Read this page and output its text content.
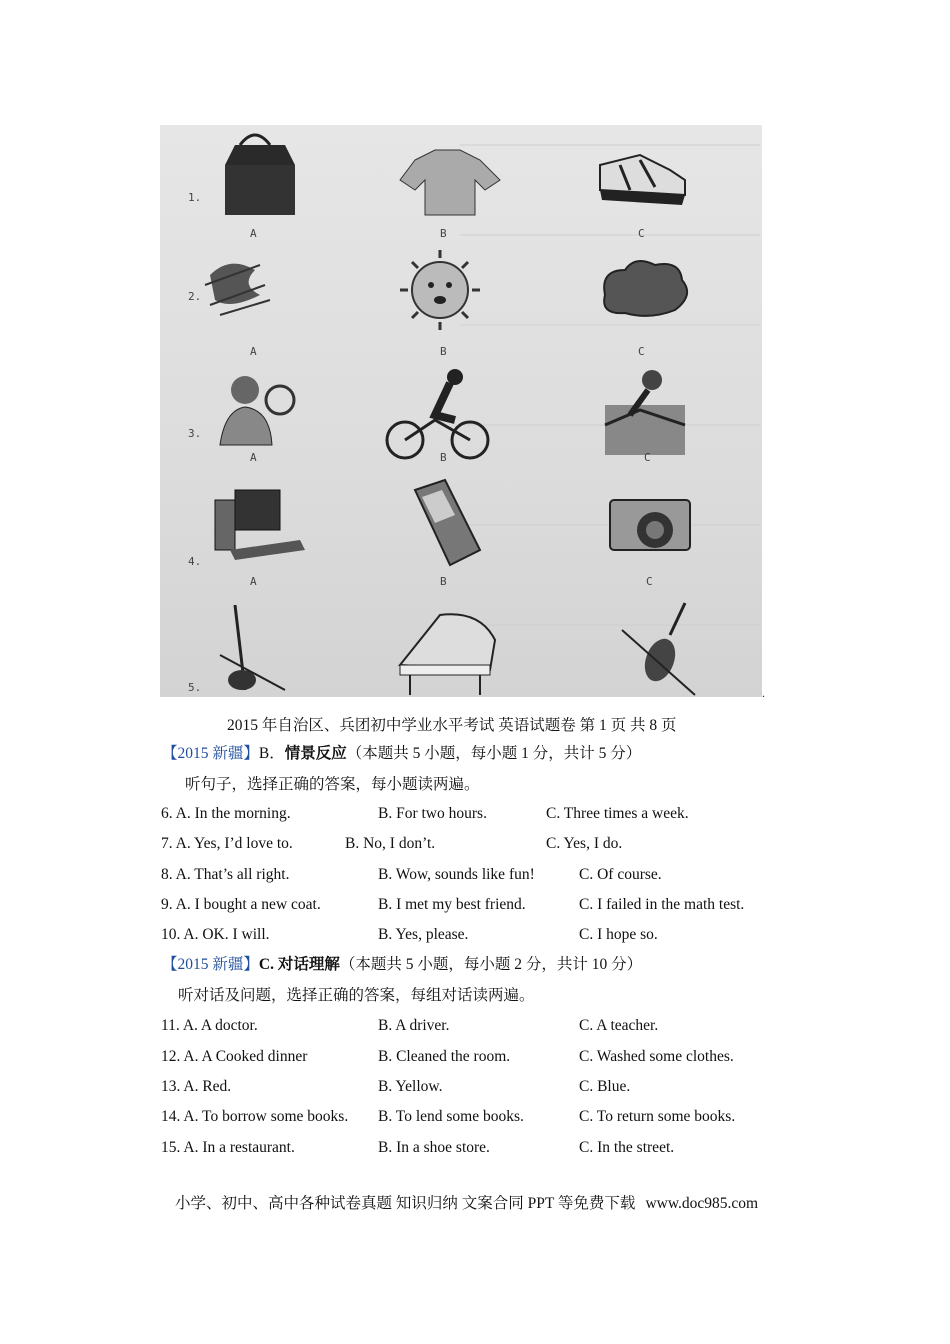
1.
2.
3.
4.
5.
A	B	C
A	B	C
A	B	C
A	B	C
.
2015 年自治区、兵团初中学业水平考试 英语试题卷 第 1 页 共 8 页
【2015 新疆】B．情景反应（本题共 5 小题，每小题 1 分，共计 5 分）
听句子，选择正确的答案，每小题读两遍。
6. A. In the morning.	B. For two hours.	C. Three times a week.
7. A. Yes, I’d love to.	B. No, I don’t.	C. Yes, I do.
8. A. That’s all right.	B. Wow, sounds like fun!	C. Of course.
9. A. I bought a new coat.	B. I met my best friend.	C. I failed in the math test.
10. A. OK. I will.	B. Yes, please.	C. I hope so.
【2015 新疆】C. 对话理解（本题共 5 小题，每小题 2 分，共计 10 分）
听对话及问题，选择正确的答案，每组对话读两遍。
11. A. A doctor.	B. A driver.	C. A teacher.
12. A. A Cooked dinner	B. Cleaned the room.	C. Washed some clothes.
13. A. Red.	B. Yellow.	C. Blue.
14. A. To borrow some books. B. To lend some books.	C. To return some books.
15. A. In a restaurant.	B. In a shoe store.	C. In the street.
小学、初中、高中各种试卷真题 知识归纳 文案合同 PPT 等免费下载 www.doc985.com
